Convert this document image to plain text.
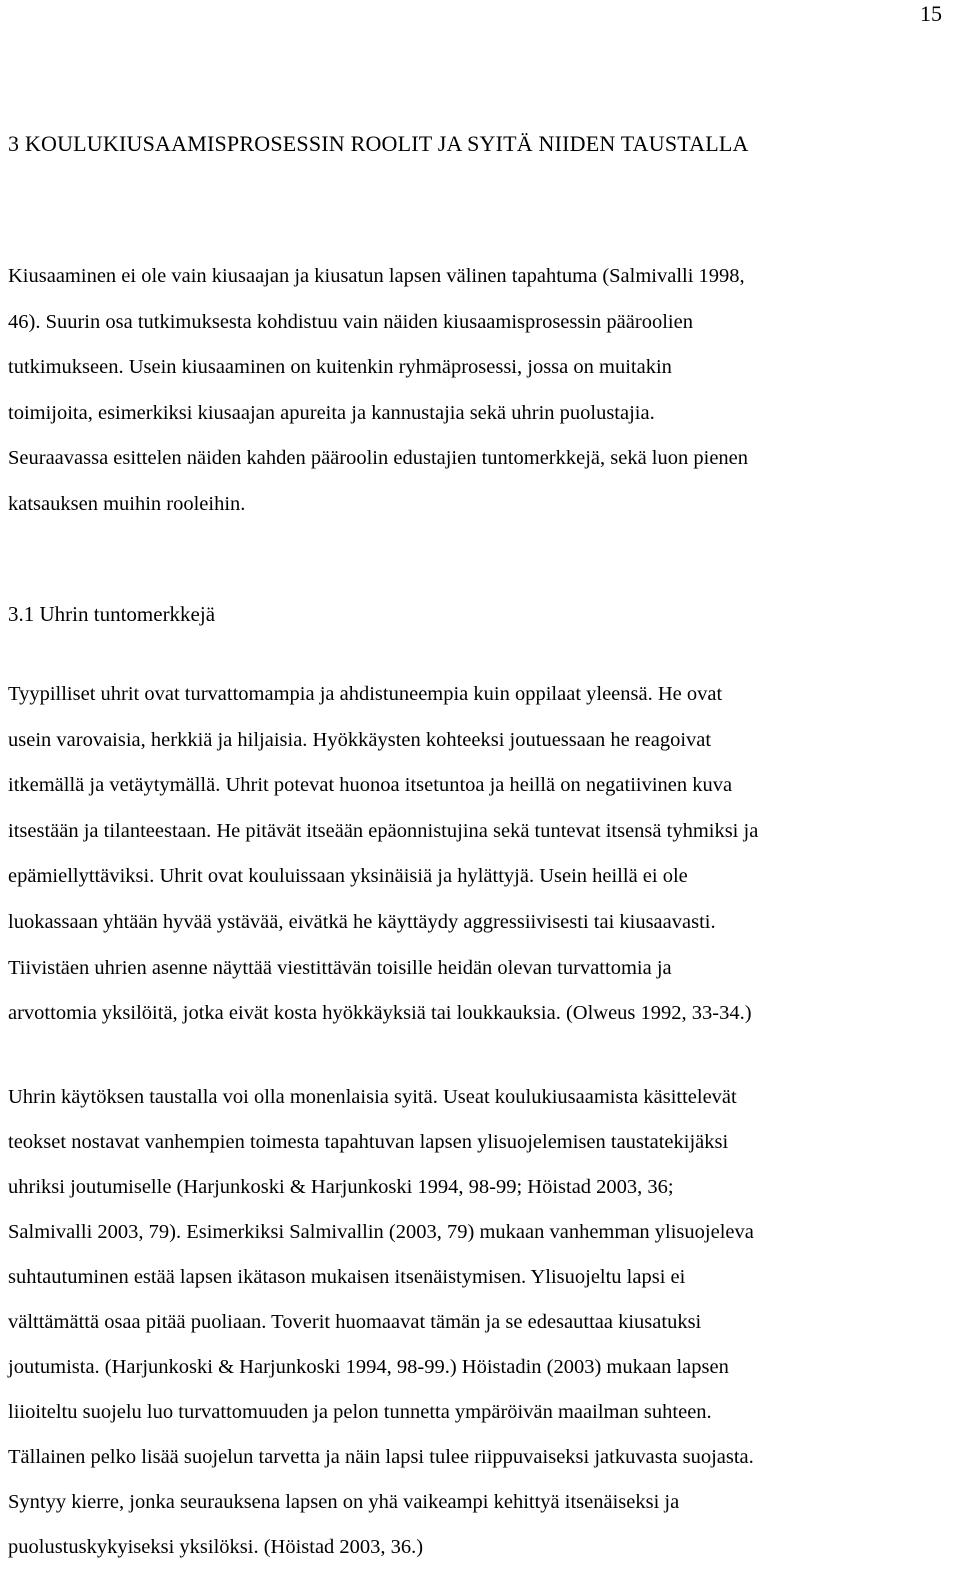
15
3 KOULUKIUSAAMISPROSESSIN ROOLIT JA SYITÄ NIIDEN TAUSTALLA

Kiusaaminen ei ole vain kiusaajan ja kiusatun lapsen välinen tapahtuma (Salmivalli 1998,
46). Suurin osa tutkimuksesta kohdistuu vain näiden kiusaamisprosessin pääroolien
tutkimukseen. Usein kiusaaminen on kuitenkin ryhmäprosessi, jossa on muitakin
toimijoita, esimerkiksi kiusaajan apureita ja kannustajia sekä uhrin puolustajia.
Seuraavassa esittelen näiden kahden pääroolin edustajien tuntomerkkejä, sekä luon pienen
katsauksen muihin rooleihin.

3.1 Uhrin tuntomerkkejä

Tyypilliset uhrit ovat turvattomampia ja ahdistuneempia kuin oppilaat yleensä. He ovat
usein varovaisia, herkkiä ja hiljaisia. Hyökkäysten kohteeksi joutuessaan he reagoivat
itkemällä ja vetäytymällä. Uhrit potevat huonoa itsetuntoa ja heillä on negatiivinen kuva
itsestään ja tilanteestaan. He pitävät itseään epäonnistujina sekä tuntevat itsensä tyhmiksi ja
epämiellyttäviksi. Uhrit ovat kouluissaan yksinäisiä ja hylättyjä. Usein heillä ei ole
luokassaan yhtään hyvää ystävää, eivätkä he käyttäydy aggressiivisesti tai kiusaavasti.
Tiivistäen uhrien asenne näyttää viestittävän toisille heidän olevan turvattomia ja
arvottomia yksilöitä, jotka eivät kosta hyökkäyksiä tai loukkauksia. (Olweus 1992, 33-34.)

Uhrin käytöksen taustalla voi olla monenlaisia syitä. Useat koulukiusaamista käsittelevät
teokset nostavat vanhempien toimesta tapahtuvan lapsen ylisuojelemisen taustatekijäksi
uhriksi joutumiselle (Harjunkoski & Harjunkoski 1994, 98-99; Höistad 2003, 36;
Salmivalli 2003, 79). Esimerkiksi Salmivallin (2003, 79) mukaan vanhemman ylisuojeleva
suhtautuminen estää lapsen ikätason mukaisen itsenäistymisen. Ylisuojeltu lapsi ei
välttämättä osaa pitää puoliaan. Toverit huomaavat tämän ja se edesauttaa kiusatuksi
joutumista. (Harjunkoski & Harjunkoski 1994, 98-99.) Höistadin (2003) mukaan lapsen
liioiteltu suojelu luo turvattomuuden ja pelon tunnetta ympäröivän maailman suhteen.
Tällainen pelko lisää suojelun tarvetta ja näin lapsi tulee riippuvaiseksi jatkuvasta suojasta.
Syntyy kierre, jonka seurauksena lapsen on yhä vaikeampi kehittyä itsenäiseksi ja
puolustuskykyiseksi yksilöksi. (Höistad 2003, 36.)
